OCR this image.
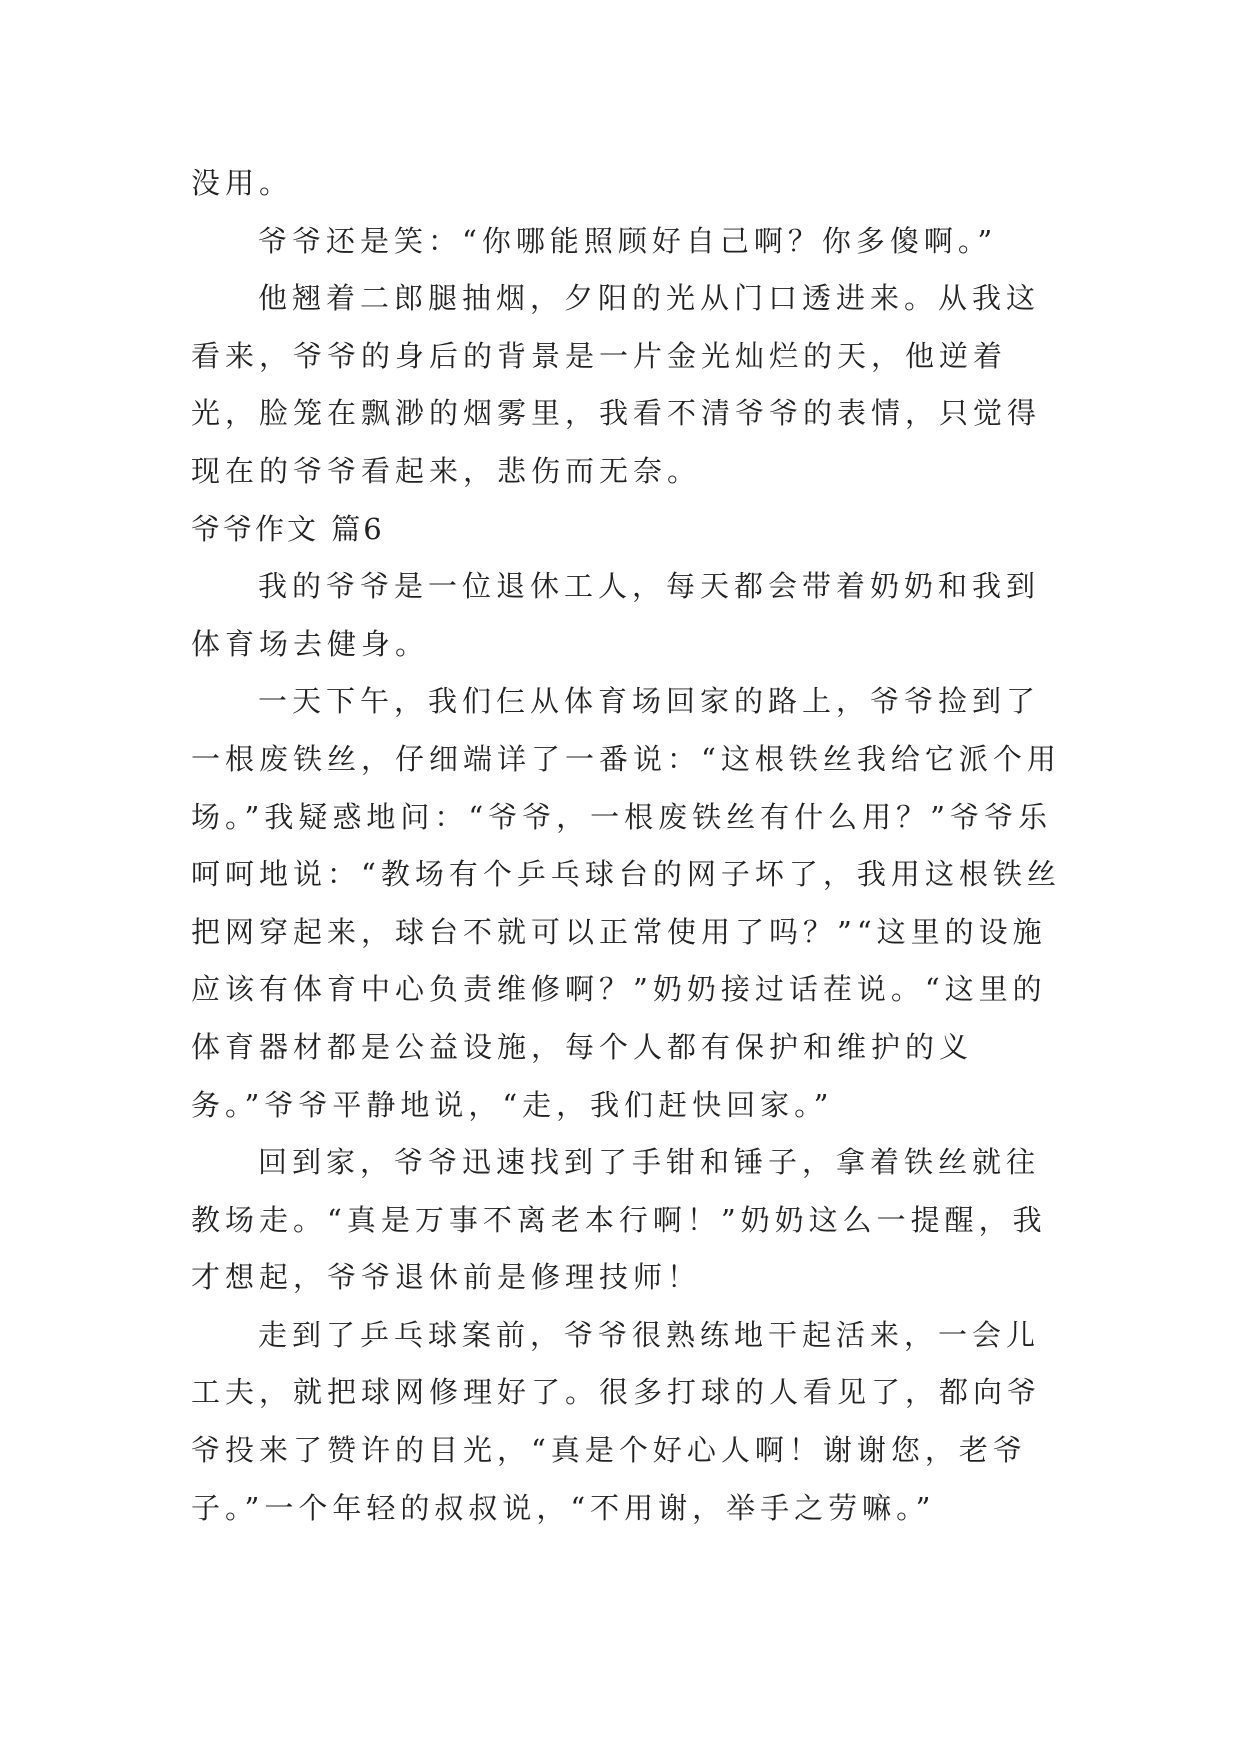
没用。

爷爷还是笑：“你哪能照顾好自己啊？你多傻啊。”

他翘着二郎腿抽烟，夕阳的光从门口透进来。从我这看来，爷爷的身后的背景是一片金光灿烂的天，他逆着光，脸笼在飘渺的烟雾里，我看不清爷爷的表情，只觉得现在的爷爷看起来，悲伤而无奈。

爷爷作文 篇6

我的爷爷是一位退休工人，每天都会带着奶奶和我到体育场去健身。

一天下午，我们仨从体育场回家的路上，爷爷捡到了一根废铁丝，仔细端详了一番说：“这根铁丝我给它派个用场。”我疑惑地问：“爷爷，一根废铁丝有什么用？”爷爷乐呵呵地说：“教场有个乒乓球台的网子坏了，我用这根铁丝把网穿起来，球台不就可以正常使用了吗？”“这里的设施应该有体育中心负责维修啊？”奶奶接过话茬说。“这里的体育器材都是公益设施，每个人都有保护和维护的义务。”爷爷平静地说，“走，我们赶快回家。”

回到家，爷爷迅速找到了手钳和锤子，拿着铁丝就往教场走。“真是万事不离老本行啊！”奶奶这么一提醒，我才想起，爷爷退休前是修理技师！

走到了乒乓球案前，爷爷很熟练地干起活来，一会儿工夫，就把球网修理好了。很多打球的人看见了，都向爷爷投来了赞许的目光，“真是个好心人啊！谢谢您，老爷子。”一个年轻的叔叔说，“不用谢，举手之劳嘛。”
